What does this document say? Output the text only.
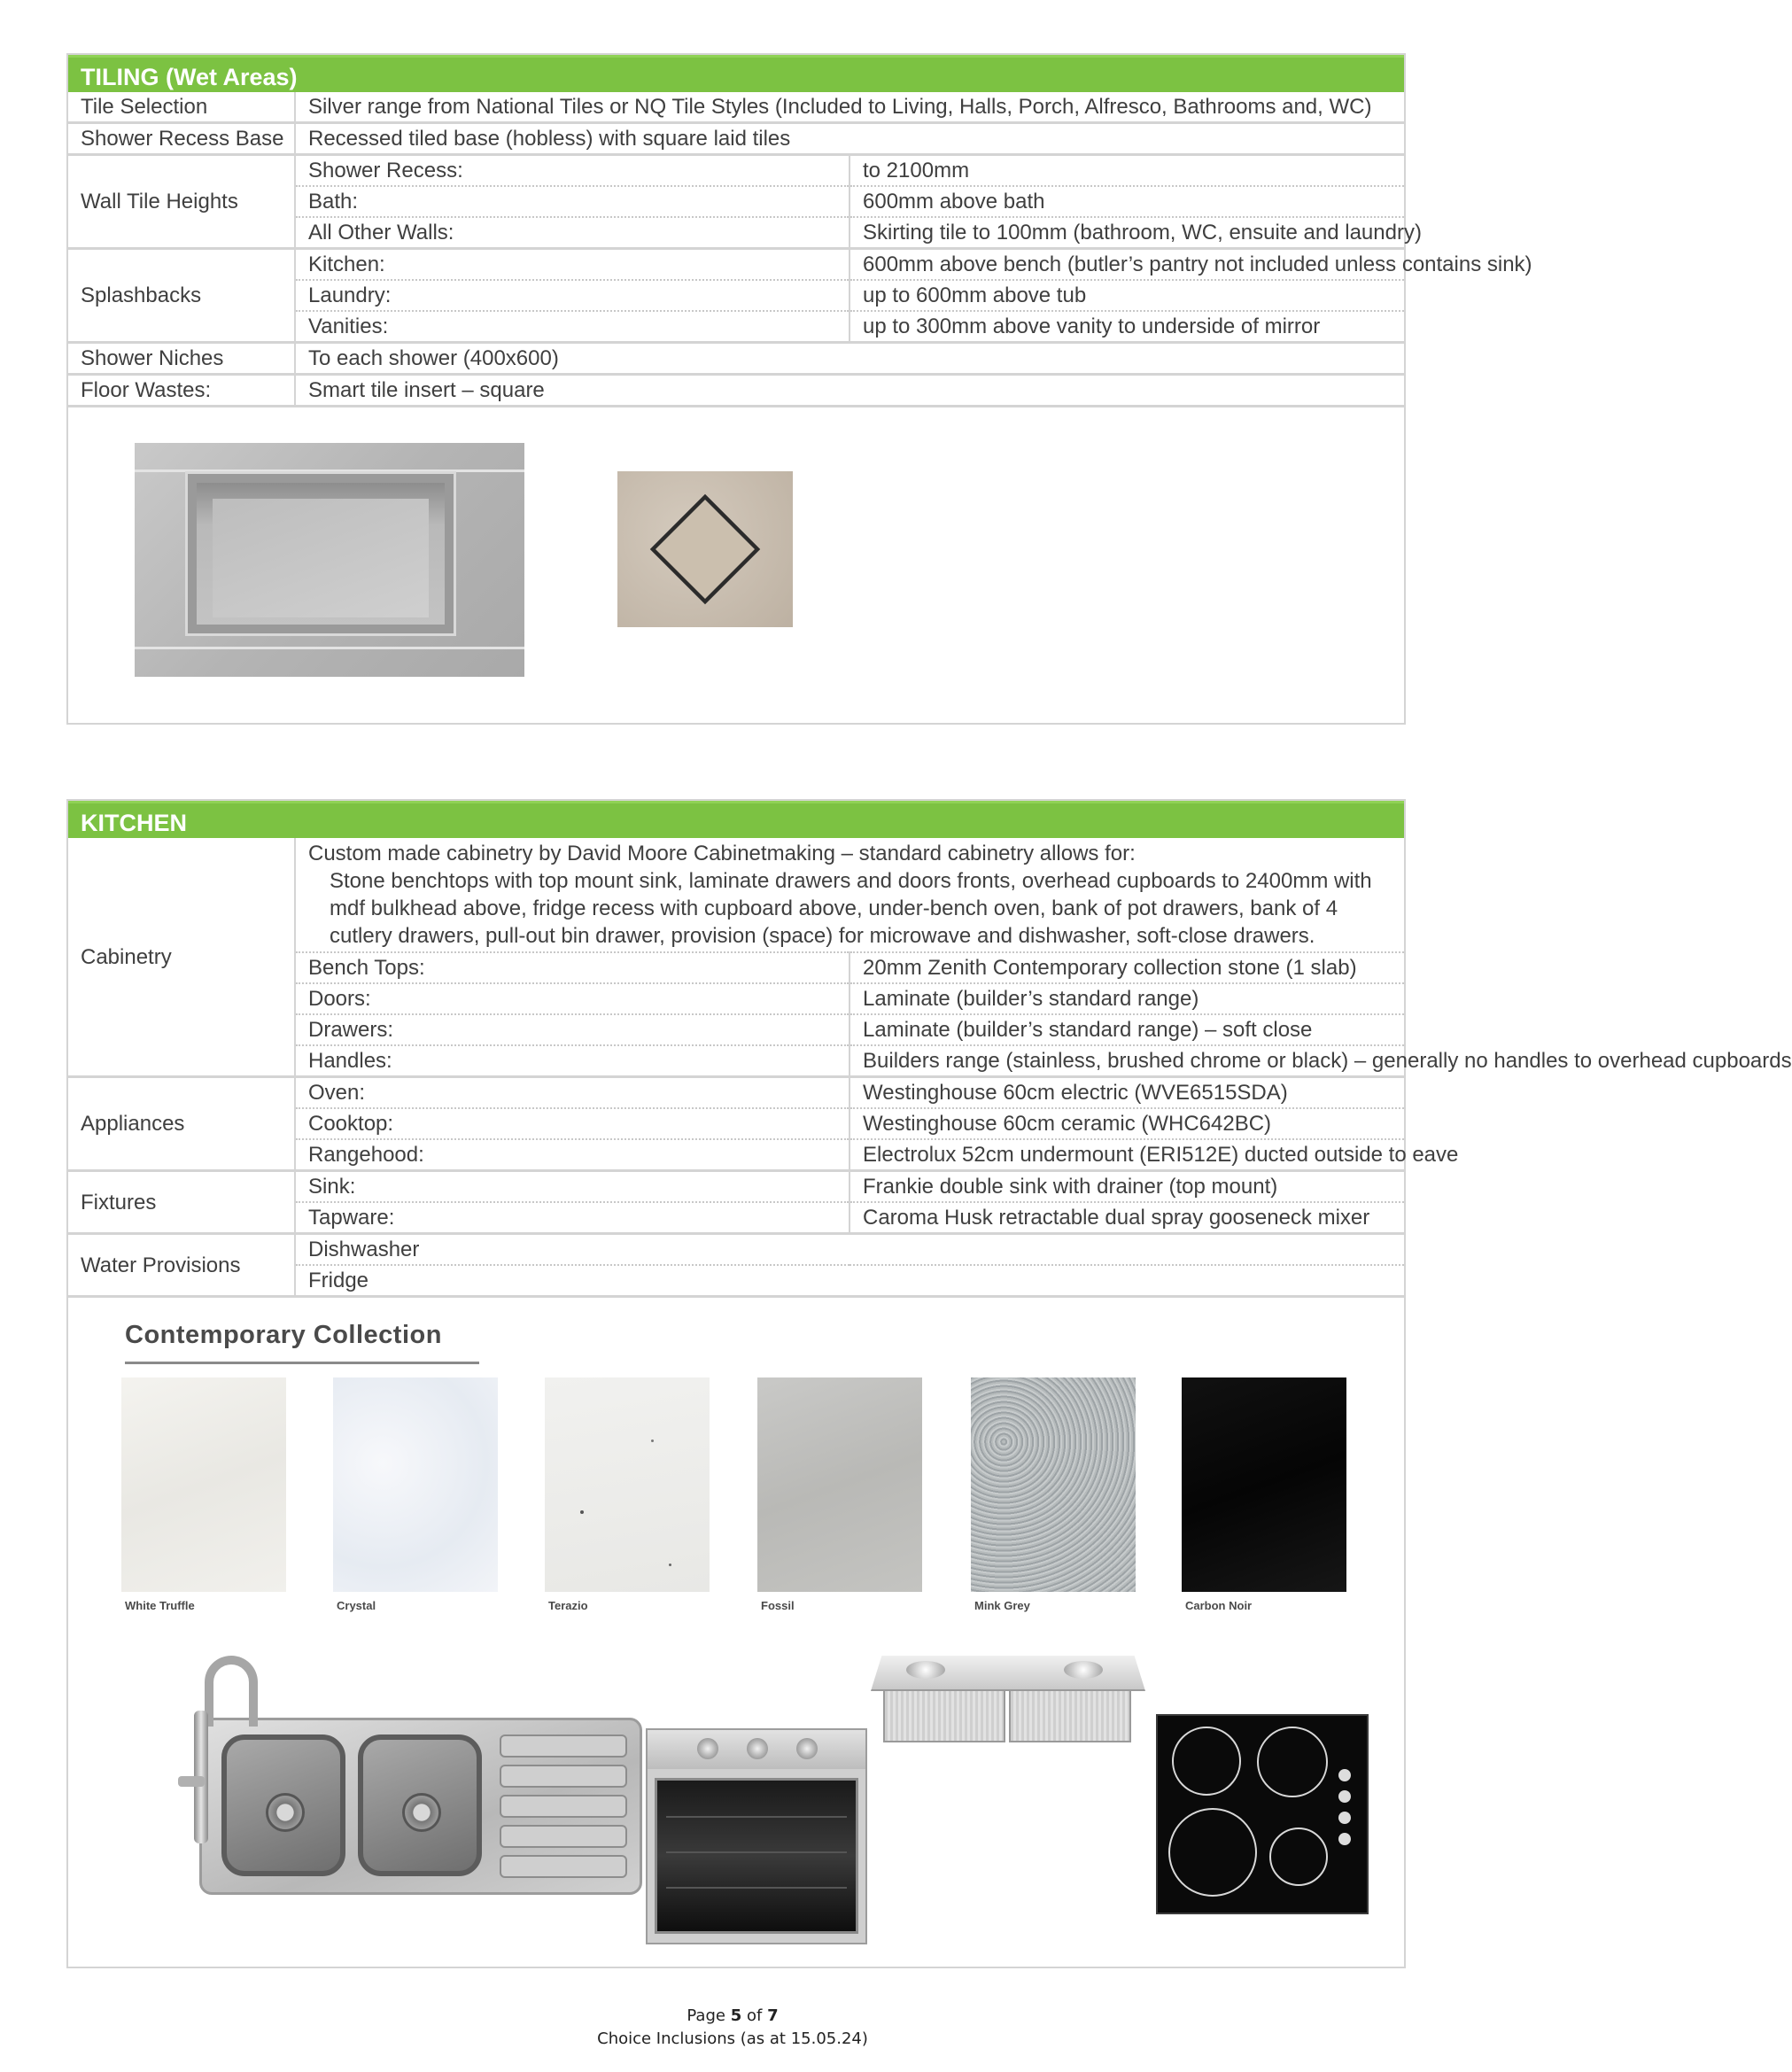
TILING (Wet Areas)
Tile Selection	Silver range from National Tiles or NQ Tile Styles (Included to Living, Halls, Porch, Alfresco, Bathrooms and, WC)	
Shower Recess Base	Recessed tiled base (hobless) with square laid tiles	
Wall Tile Heights	Shower Recess:	to 2100mm
	Bath:	600mm above bath
	All Other Walls:	Skirting tile to 100mm (bathroom, WC, ensuite and laundry)
Splashbacks	Kitchen:	600mm above bench (butler’s pantry not included unless contains sink)
	Laundry:	up to 600mm above tub
	Vanities:	up to 300mm above vanity to underside of mirror
Shower Niches	To each shower (400x600)	
Floor Wastes:	Smart tile insert – square	
KITCHEN
Cabinetry	Custom made cabinetry by David Moore Cabinetmaking – standard cabinetry allows for:
Stone benchtops with top mount sink, laminate drawers and doors fronts, overhead cupboards to 2400mm with mdf bulkhead above, fridge recess with cupboard above, under-bench oven, bank of pot drawers, bank of 4 cutlery drawers, pull-out bin drawer, provision (space) for microwave and dishwasher, soft-close drawers.	

	Bench Tops:	20mm Zenith Contemporary collection stone (1 slab)
	Doors:	Laminate (builder’s standard range)
	Drawers:	Laminate (builder’s standard range) – soft close
	Handles:	Builders range (stainless, brushed chrome or black) – generally no handles to overhead cupboards
Appliances	Oven:	Westinghouse 60cm electric (WVE6515SDA)
	Cooktop:	Westinghouse 60cm ceramic (WHC642BC)
	Rangehood:	Electrolux 52cm undermount (ERI512E) ducted outside to eave
Fixtures	Sink:	Frankie double sink with drainer (top mount)
	Tapware:	Caroma Husk retractable dual spray gooseneck mixer
Water Provisions	Dishwasher	
	Fridge	
Contemporary Collection
White Truffle	Crystal	Terazio	Fossil	Mink Grey	Carbon Noir
Page 5 of 7
Choice Inclusions (as at 15.05.24)
